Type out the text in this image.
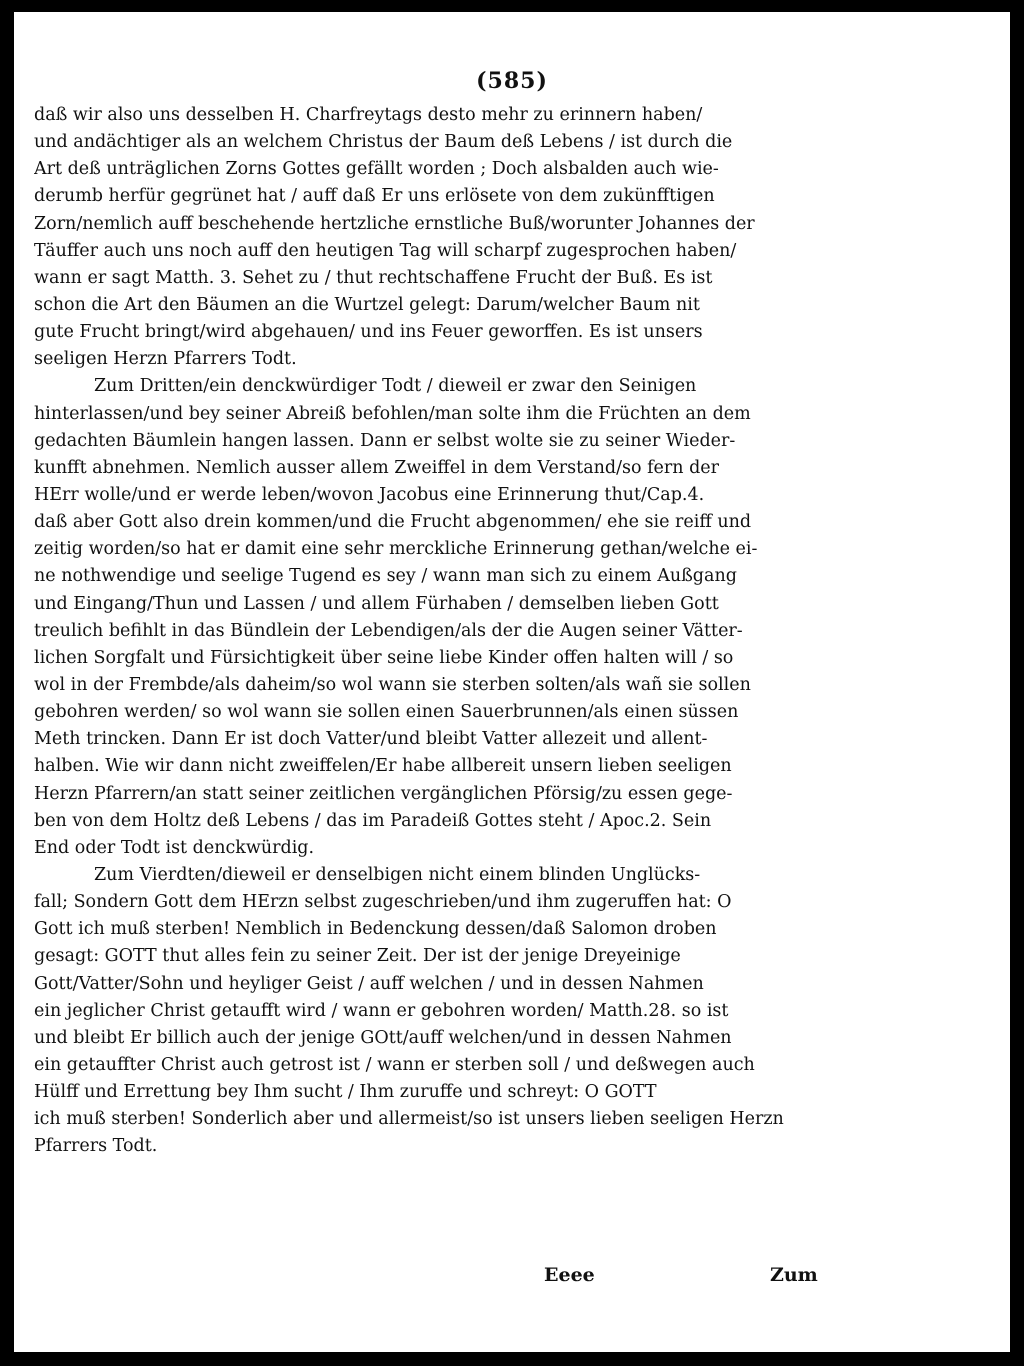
(585)
daß wir also uns desselben H. Charfreytags desto mehr zu erinnern haben/
und andächtiger als an welchem Christus der Baum deß Lebens / ist durch die
Art deß unträglichen Zorns Gottes gefällt worden ; Doch alsbalden auch wie-
derumb herfür gegrünet hat / auff daß Er uns erlösete von dem zukünfftigen
Zorn/nemlich auff beschehende hertzliche ernstliche Buß/worunter Johannes der
Täuffer auch uns noch auff den heutigen Tag will scharpf zugesprochen haben/
wann er sagt Matth. 3. Sehet zu / thut rechtschaffene Frucht der Buß. Es ist
schon die Art den Bäumen an die Wurtzel gelegt: Darum/welcher Baum nit
gute Frucht bringt/wird abgehauen/ und ins Feuer geworffen. Es ist unsers
seeligen Herzn Pfarrers Todt.
Zum Dritten/ein denckwürdiger Todt / dieweil er zwar den Seinigen
hinterlassen/und bey seiner Abreiß befohlen/man solte ihm die Früchten an dem
gedachten Bäumlein hangen lassen. Dann er selbst wolte sie zu seiner Wieder-
kunfft abnehmen. Nemlich ausser allem Zweiffel in dem Verstand/so fern der
HErr wolle/und er werde leben/wovon Jacobus eine Erinnerung thut/Cap.4.
daß aber Gott also drein kommen/und die Frucht abgenommen/ ehe sie reiff und
zeitig worden/so hat er damit eine sehr merckliche Erinnerung gethan/welche ei-
ne nothwendige und seelige Tugend es sey / wann man sich zu einem Außgang
und Eingang/Thun und Lassen / und allem Fürhaben / demselben lieben Gott
treulich befihlt in das Bündlein der Lebendigen/als der die Augen seiner Vätter-
lichen Sorgfalt und Fürsichtigkeit über seine liebe Kinder offen halten will / so
wol in der Frembde/als daheim/so wol wann sie sterben solten/als wañ sie sollen
gebohren werden/ so wol wann sie sollen einen Sauerbrunnen/als einen süssen
Meth trincken. Dann Er ist doch Vatter/und bleibt Vatter allezeit und allent-
halben. Wie wir dann nicht zweiffelen/Er habe allbereit unsern lieben seeligen
Herzn Pfarrern/an statt seiner zeitlichen vergänglichen Pförsig/zu essen gege-
ben von dem Holtz deß Lebens / das im Paradeiß Gottes steht / Apoc.2. Sein
End oder Todt ist denckwürdig.
Zum Vierdten/dieweil er denselbigen nicht einem blinden Unglücks-
fall; Sondern Gott dem HErzn selbst zugeschrieben/und ihm zugeruffen hat: O
Gott ich muß sterben! Nemblich in Bedenckung dessen/daß Salomon droben
gesagt: GOTT thut alles fein zu seiner Zeit. Der ist der jenige Dreyeinige
Gott/Vatter/Sohn und heyliger Geist / auff welchen / und in dessen Nahmen
ein jeglicher Christ getaufft wird / wann er gebohren worden/ Matth.28. so ist
und bleibt Er billich auch der jenige GOtt/auff welchen/und in dessen Nahmen
ein getauffter Christ auch getrost ist / wann er sterben soll / und deßwegen auch
Hülff und Errettung bey Ihm sucht / Ihm zuruffe und schreyt: O GOTT
ich muß sterben! Sonderlich aber und allermeist/so ist unsers lieben seeligen Herzn
Pfarrers Todt.
Eeee	Zum
